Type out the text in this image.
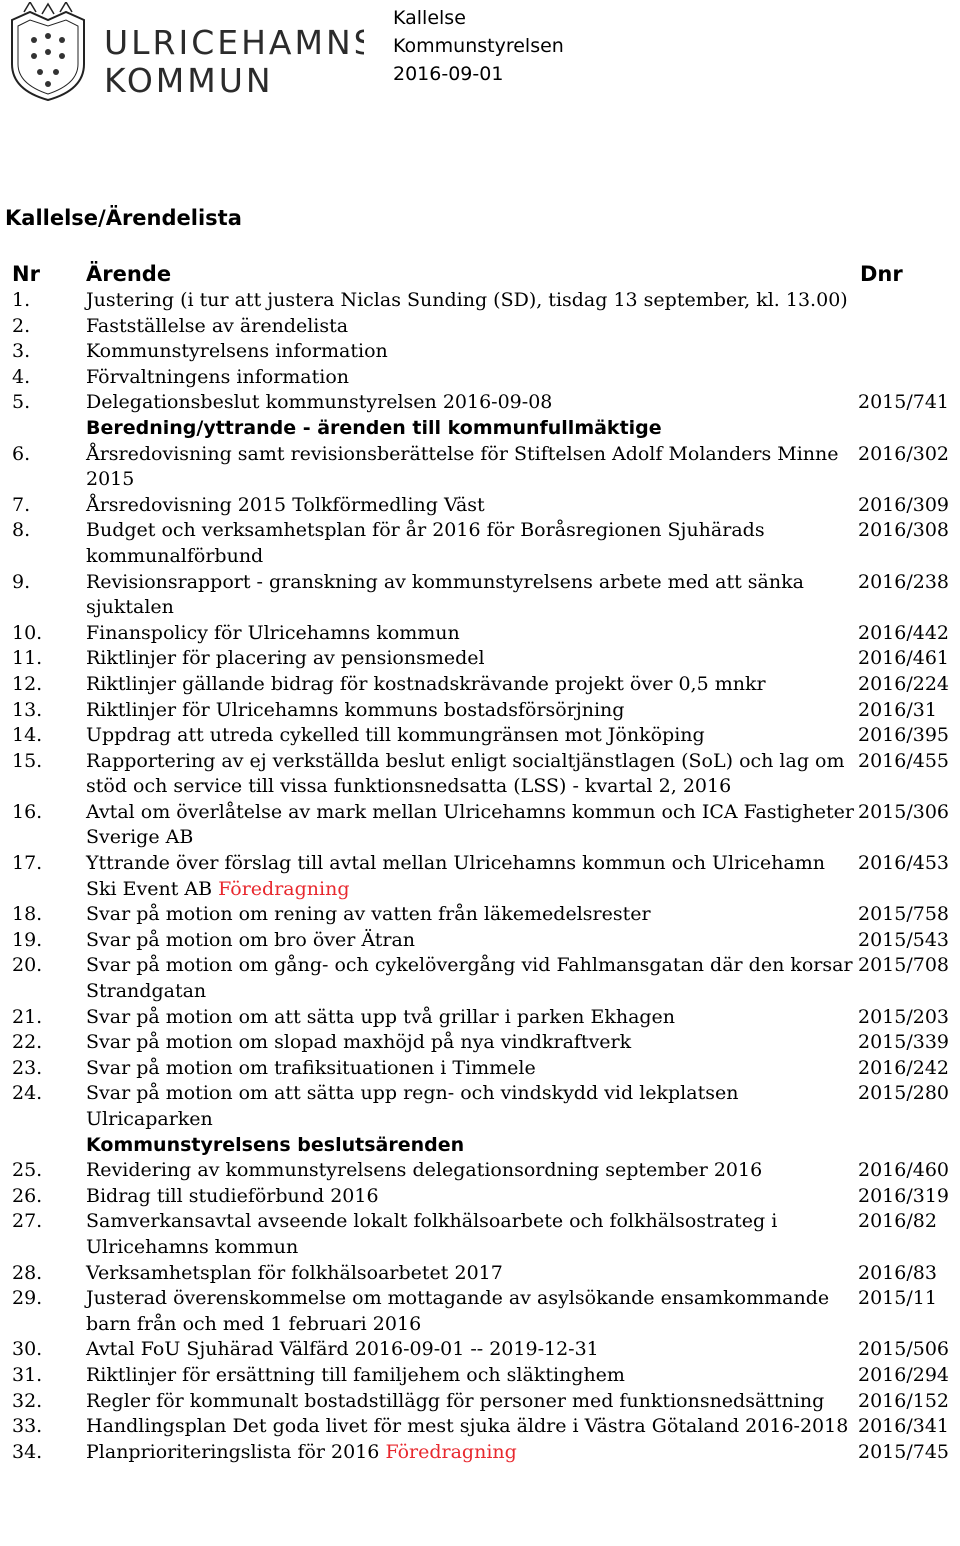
ULRICEHAMNS
KOMMUN
Kallelse
Kommunstyrelsen
2016-09-01
Kallelse/Ärendelista
Nr Ärende	Dnr
1.	Justering (i tur att justera Niclas Sunding (SD), tisdag 13 september, kl. 13.00)
2.	Fastställelse av ärendelista
3.	Kommunstyrelsens information
4.	Förvaltningens information
5.	Delegationsbeslut kommunstyrelsen 2016-09-08	2015/741
Beredning/yttrande - ärenden till kommunfullmäktige
6.	Årsredovisning samt revisionsberättelse för Stiftelsen Adolf Molanders Minne 2015
2016/302
7.	Årsredovisning 2015 Tolkförmedling Väst	2016/309
8.	Budget och verksamhetsplan för år 2016 för Boråsregionen Sjuhärads kommunalförbund
2016/308
9.	Revisionsrapport - granskning av kommunstyrelsens arbete med att sänka sjuktalen
2016/238
10.	Finanspolicy för Ulricehamns kommun	2016/442
11.	Riktlinjer för placering av pensionsmedel	2016/461
12.	Riktlinjer gällande bidrag för kostnadskrävande projekt över 0,5 mnkr	2016/224
13.	Riktlinjer för Ulricehamns kommuns bostadsförsörjning	2016/31
14.	Uppdrag att utreda cykelled till kommungränsen mot Jönköping	2016/395
15.	Rapportering av ej verkställda beslut enligt socialtjänstlagen (SoL) och lag om stöd och service till vissa funktionsnedsatta (LSS) - kvartal 2, 2016
2016/455
16.	Avtal om överlåtelse av mark mellan Ulricehamns kommun och ICA Fastigheter Sverige AB
2015/306
17.	Yttrande över förslag till avtal mellan Ulricehamns kommun och Ulricehamn Ski Event AB Föredragning
2016/453
18.	Svar på motion om rening av vatten från läkemedelsrester	2015/758
19.	Svar på motion om bro över Ätran	2015/543
20.	Svar på motion om gång- och cykelövergång vid Fahlmansgatan där den korsar Strandgatan
2015/708
21.	Svar på motion om att sätta upp två grillar i parken Ekhagen	2015/203
22.	Svar på motion om slopad maxhöjd på nya vindkraftverk	2015/339
23.	Svar på motion om trafiksituationen i Timmele	2016/242
24.	Svar på motion om att sätta upp regn- och vindskydd vid lekplatsen Ulricaparken
2015/280
Kommunstyrelsens beslutsärenden
25.	Revidering av kommunstyrelsens delegationsordning september 2016	2016/460
26.	Bidrag till studieförbund 2016	2016/319
27.	Samverkansavtal avseende lokalt folkhälsoarbete och folkhälsostrateg i Ulricehamns kommun
2016/82
28.	Verksamhetsplan för folkhälsoarbetet 2017	2016/83
29.	Justerad överenskommelse om mottagande av asylsökande ensamkommande barn från och med 1 februari 2016
2015/11
30.	Avtal FoU Sjuhärad Välfärd 2016-09-01 -- 2019-12-31	2015/506
31.	Riktlinjer för ersättning till familjehem och släktinghem	2016/294
32.	Regler för kommunalt bostadstillägg för personer med funktionsnedsättning	2016/152
33.	Handlingsplan Det goda livet för mest sjuka äldre i Västra Götaland 2016-2018 2016/341
34.	Planprioriteringslista för 2016 Föredragning	2015/745
